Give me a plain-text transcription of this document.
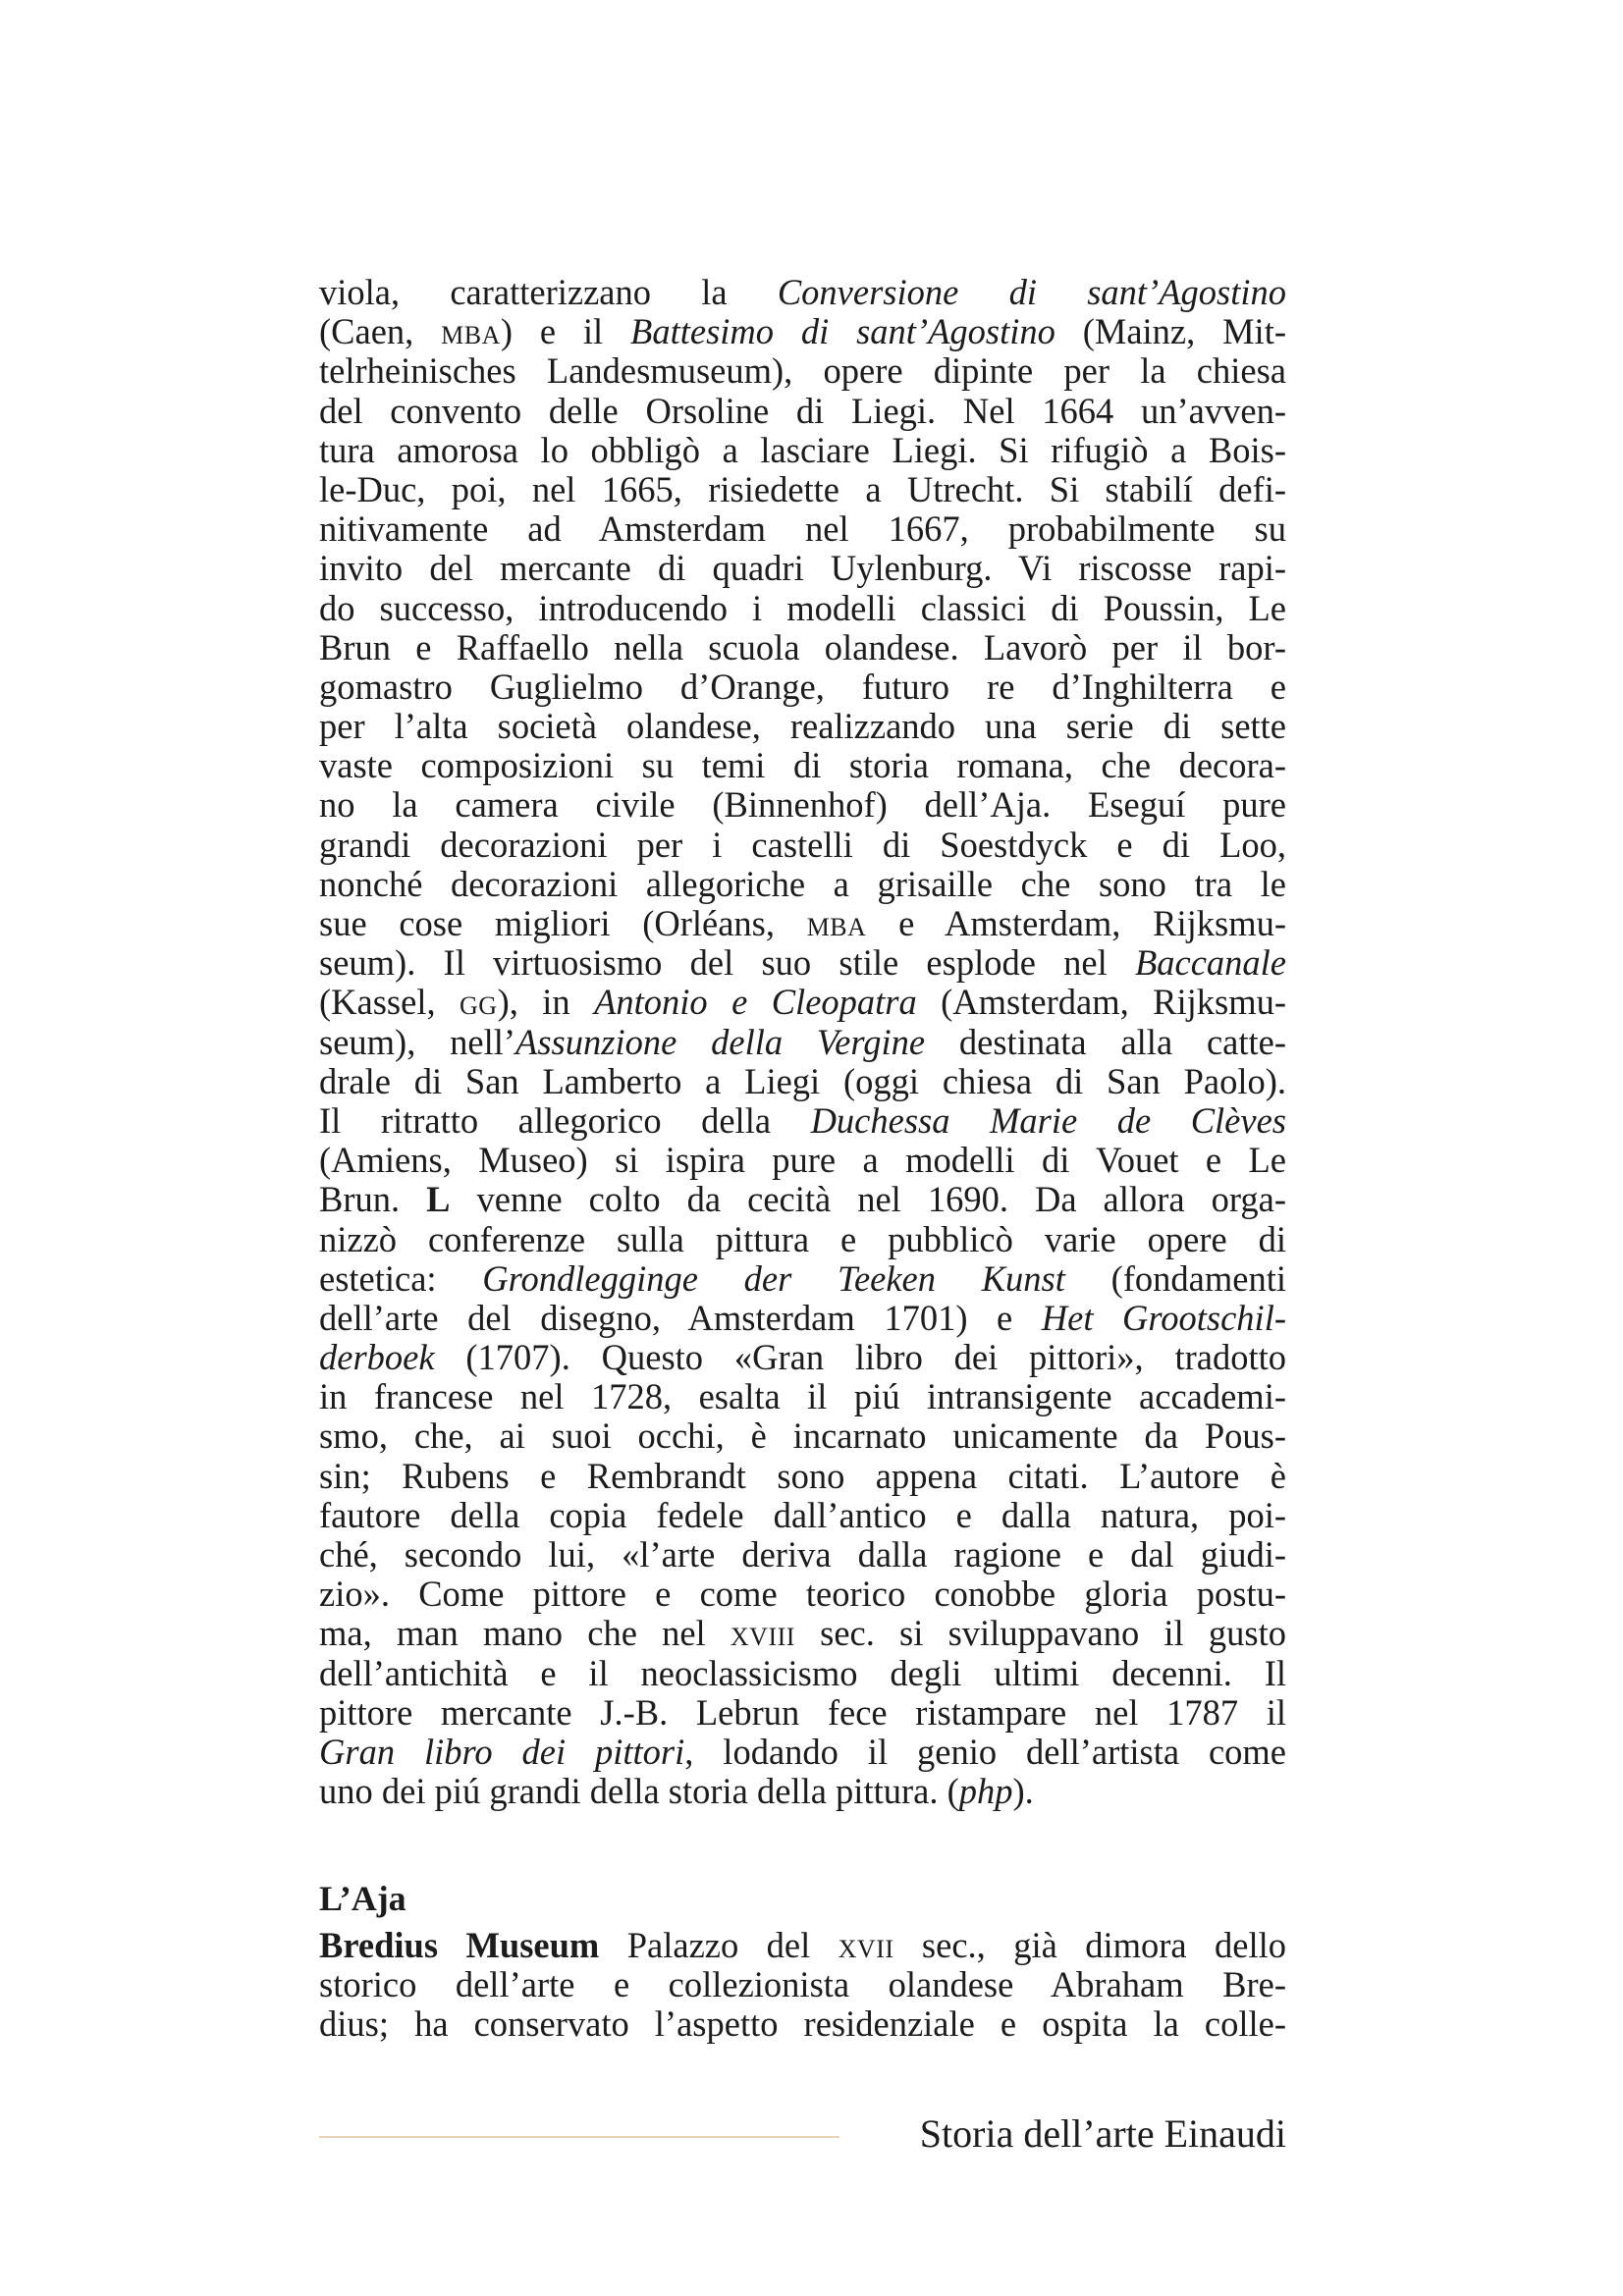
viola, caratterizzano la Conversione di sant’Agostino
(Caen, mba) e il Battesimo di sant’Agostino (Mainz, Mit-
telrheinisches Landesmuseum), opere dipinte per la chiesa
del convento delle Orsoline di Liegi. Nel 1664 un’avven-
tura amorosa lo obbligò a lasciare Liegi. Si rifugiò a Bois-
le-Duc, poi, nel 1665, risiedette a Utrecht. Si stabilí defi-
nitivamente ad Amsterdam nel 1667, probabilmente su
invito del mercante di quadri Uylenburg. Vi riscosse rapi-
do successo, introducendo i modelli classici di Poussin, Le
Brun e Raffaello nella scuola olandese. Lavorò per il bor-
gomastro Guglielmo d’Orange, futuro re d’Inghilterra e
per l’alta società olandese, realizzando una serie di sette
vaste composizioni su temi di storia romana, che decora-
no la camera civile (Binnenhof) dell’Aja. Eseguí pure
grandi decorazioni per i castelli di Soestdyck e di Loo,
nonché decorazioni allegoriche a grisaille che sono tra le
sue cose migliori (Orléans, mba e Amsterdam, Rijksmu-
seum). Il virtuosismo del suo stile esplode nel Baccanale
(Kassel, gg), in Antonio e Cleopatra (Amsterdam, Rijksmu-
seum), nell’Assunzione della Vergine destinata alla catte-
drale di San Lamberto a Liegi (oggi chiesa di San Paolo).
Il ritratto allegorico della Duchessa Marie de Clèves
(Amiens, Museo) si ispira pure a modelli di Vouet e Le
Brun. L venne colto da cecità nel 1690. Da allora orga-
nizzò conferenze sulla pittura e pubblicò varie opere di
estetica: Grondlegginge der Teeken Kunst (fondamenti
dell’arte del disegno, Amsterdam 1701) e Het Grootschil-
derboek (1707). Questo «Gran libro dei pittori», tradotto
in francese nel 1728, esalta il piú intransigente accademi-
smo, che, ai suoi occhi, è incarnato unicamente da Pous-
sin; Rubens e Rembrandt sono appena citati. L’autore è
fautore della copia fedele dall’antico e dalla natura, poi-
ché, secondo lui, «l’arte deriva dalla ragione e dal giudi-
zio». Come pittore e come teorico conobbe gloria postu-
ma, man mano che nel xviii sec. si sviluppavano il gusto
dell’antichità e il neoclassicismo degli ultimi decenni. Il
pittore mercante J.-B. Lebrun fece ristampare nel 1787 il
Gran libro dei pittori, lodando il genio dell’artista come
uno dei piú grandi della storia della pittura. (php).
L’Aja
Bredius Museum Palazzo del xvii sec., già dimora dello
storico dell’arte e collezionista olandese Abraham Bre-
dius; ha conservato l’aspetto residenziale e ospita la colle-
Storia dell’arte Einaudi
